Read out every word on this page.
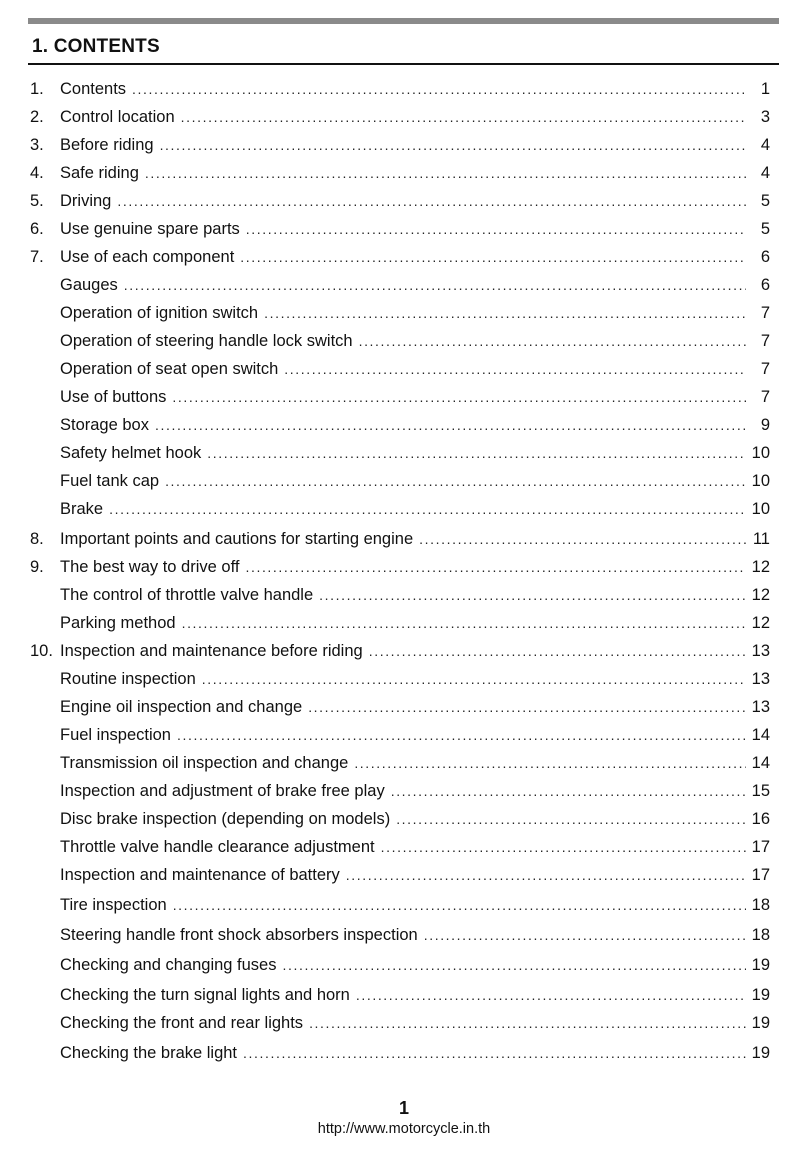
1. CONTENTS
1. Contents .....	1
2. Control location .....	3
3. Before riding .....	4
4. Safe riding .....	4
5. Driving .....	5
6. Use genuine spare parts .....	5
7. Use of each component .....	6
Gauges .....	6
Operation of ignition switch .....	7
Operation of steering handle lock switch .....	7
Operation of seat open switch .....	7
Use of buttons .....	7
Storage box .....	9
Safety helmet hook .....	10
Fuel tank cap .....	10
Brake .....	10
8. Important points and cautions for starting engine .....	11
9. The best way to drive off .....	12
The control of throttle valve handle .....	12
Parking method .....	12
10. Inspection and maintenance before riding .....	13
Routine inspection .....	13
Engine oil inspection and change .....	13
Fuel inspection .....	14
Transmission oil inspection and change .....	14
Inspection and adjustment of brake free play .....	15
Disc brake inspection (depending on models) .....	16
Throttle valve handle clearance adjustment .....	17
Inspection and maintenance of battery .....	17
Tire inspection .....	18
Steering handle front shock absorbers inspection .....	18
Checking and changing fuses .....	19
Checking the turn signal lights and horn .....	19
Checking the front and rear lights .....	19
Checking the brake light .....	19
1
http://www.motorcycle.in.th
